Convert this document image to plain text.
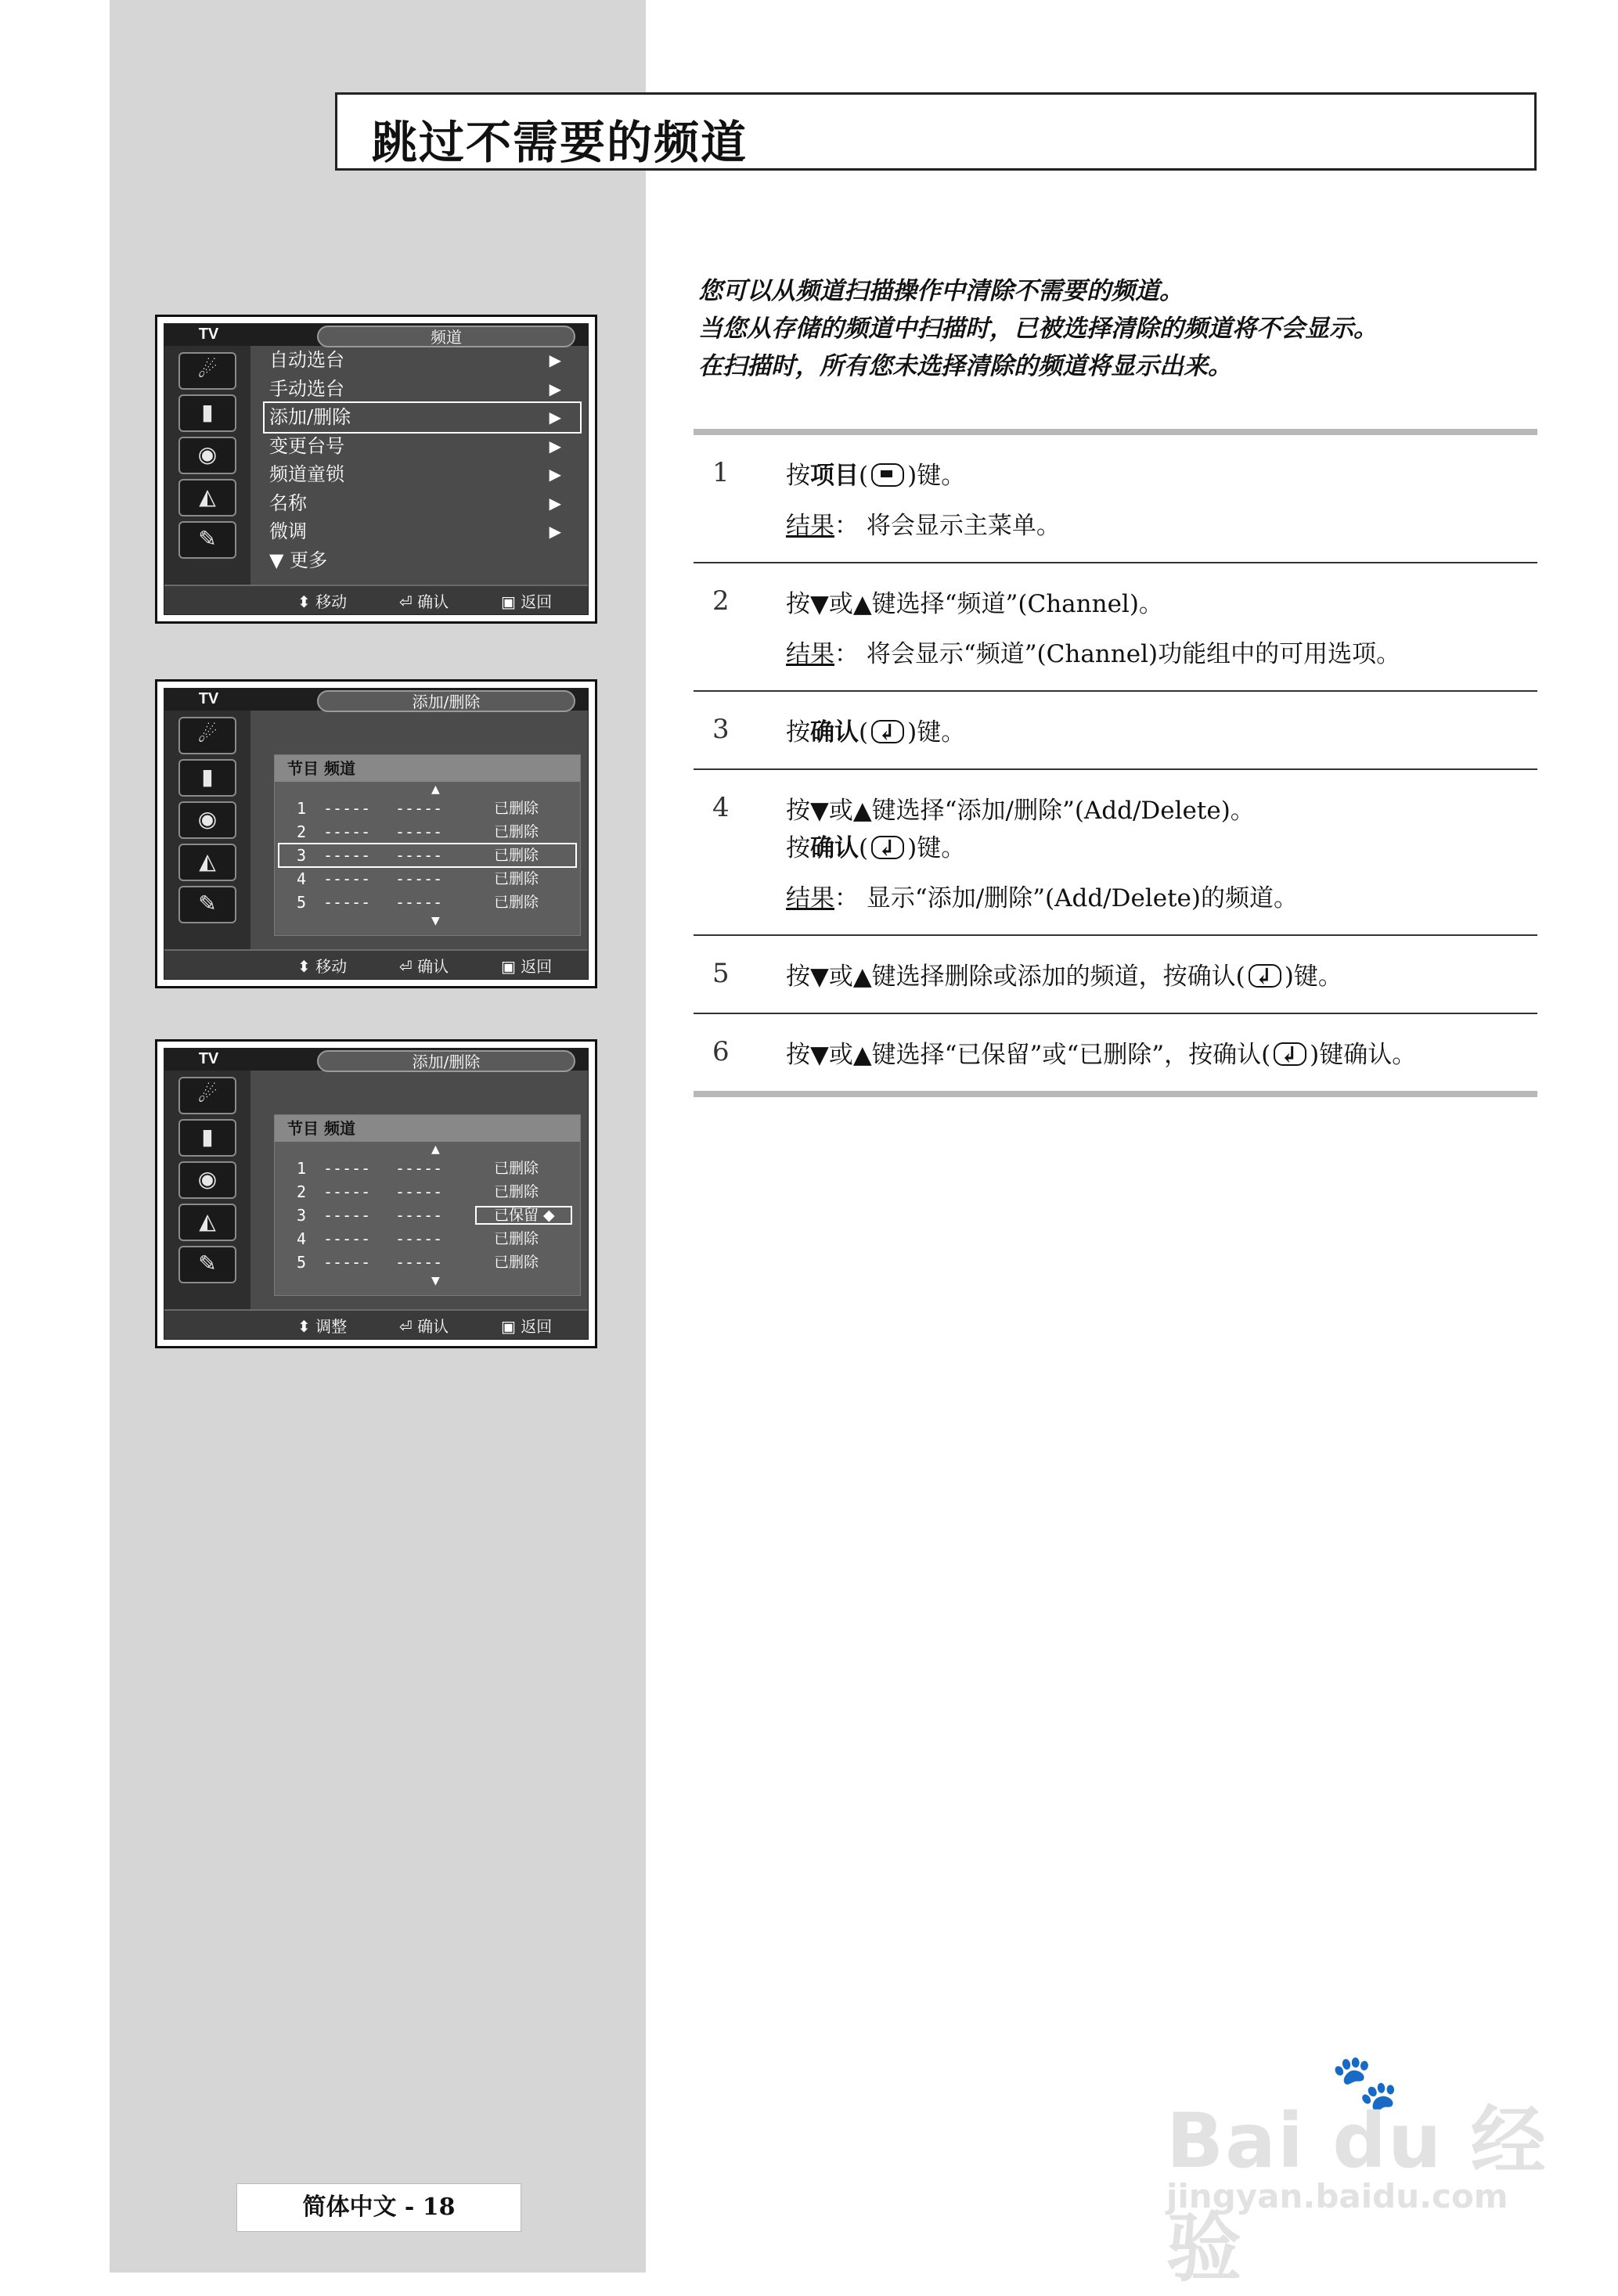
跳过不需要的频道
您可以从频道扫描操作中清除不需要的频道。
当您从存储的频道中扫描时，已被选择清除的频道将不会显示。
在扫描时，所有您未选择清除的频道将显示出来。
1 按项目( )键。
结果： 将会显示主菜单。
2 按▼或▲键选择“频道”(Channel)。
结果： 将会显示“频道”(Channel)功能组中的可用选项。
3 按确认( ↲ )键。
4 按▼或▲键选择“添加/删除”(Add/Delete)。
按确认( ↲ )键。
结果： 显示“添加/删除”(Add/Delete)的频道。
5 按▼或▲键选择删除或添加的频道，按确认( ↲ )键。
6 按▼或▲键选择“已保留”或“已删除”，按确认( ↲ )键确认。
TV	频道
☄
▮
◉
◭
✎
自动选台	▶
手动选台	▶
添加/删除	▶
变更台号	▶
频道童锁	▶
名称	▶
微调	▶
▼ 更多
⬍ 移动	⏎ 确认	▣ 返回
TV	添加/删除
☄
▮
◉
◭
✎
节目 频道
▲
1 ----- -----	已删除
2 ----- -----	已删除
3 ----- -----	已删除
4 ----- -----	已删除
5 ----- -----	已删除
▼
⬍ 移动	⏎ 确认	▣ 返回
TV	添加/删除
☄
▮
◉
◭
✎
节目 频道
▲
1 ----- -----	已删除
2 ----- -----	已删除
3 ----- -----	已保留 ◆
4 ----- -----	已删除
5 ----- -----	已删除
▼
⬍ 调整	⏎ 确认	▣ 返回
简体中文 - 18
🐾
Bai du 经验
jingyan.baidu.com
